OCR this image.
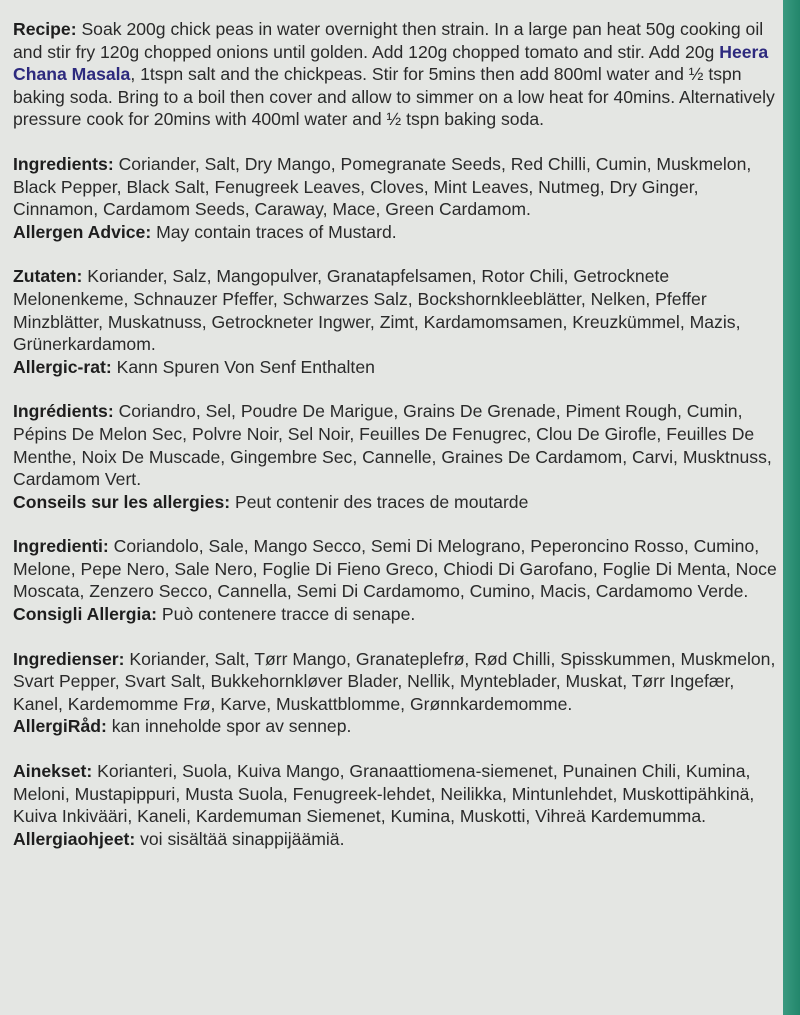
Recipe: Soak 200g chick peas in water overnight then strain. In a large pan heat 50g cooking oil and stir fry 120g chopped onions until golden. Add 120g chopped tomato and stir. Add 20g Heera Chana Masala, 1tspn salt and the chickpeas. Stir for 5mins then add 800ml water and ½ tspn baking soda. Bring to a boil then cover and allow to simmer on a low heat for 40mins. Alternatively pressure cook for 20mins with 400ml water and ½ tspn baking soda.

Ingredients: Coriander, Salt, Dry Mango, Pomegranate Seeds, Red Chilli, Cumin, Muskmelon, Black Pepper, Black Salt, Fenugreek Leaves, Cloves, Mint Leaves, Nutmeg, Dry Ginger, Cinnamon, Cardamom Seeds, Caraway, Mace, Green Cardamom.

Allergen Advice: May contain traces of Mustard.

Zutaten: Koriander, Salz, Mangopulver, Granatapfelsamen, Rotor Chili, Getrocknete Melonenkeme, Schnauzer Pfeffer, Schwarzes Salz, Bockshornkleeblätter, Nelken, Pfeffer Minzblätter, Muskatnuss, Getrockneter Ingwer, Zimt, Kardamomsamen, Kreuzkümmel, Mazis, Grünerkardamom.

Allergic-rat: Kann Spuren Von Senf Enthalten

Ingrédients: Coriandro, Sel, Poudre De Marigue, Grains De Grenade, Piment Rough, Cumin, Pépins De Melon Sec, Polvre Noir, Sel Noir, Feuilles De Fenugrec, Clou De Girofle, Feuilles De Menthe, Noix De Muscade, Gingembre Sec, Cannelle, Graines De Cardamom, Carvi, Musktnuss, Cardamom Vert.

Conseils sur les allergies: Peut contenir des traces de moutarde

Ingredienti: Coriandolo, Sale, Mango Secco, Semi Di Melograno, Peperoncino Rosso, Cumino, Melone, Pepe Nero, Sale Nero, Foglie Di Fieno Greco, Chiodi Di Garofano, Foglie Di Menta, Noce Moscata, Zenzero Secco, Cannella, Semi Di Cardamomo, Cumino, Macis, Cardamomo Verde.

Consigli Allergia: Può contenere tracce di senape.

Ingredienser: Koriander, Salt, Tørr Mango, Granateplefrø, Rød Chilli, Spisskummen, Muskmelon, Svart Pepper, Svart Salt, Bukkehornkløver Blader, Nellik, Mynteblader, Muskat, Tørr Ingefær, Kanel, Kardemomme Frø, Karve, Muskattblomme, Grønnkardemomme.

AllergiRåd: kan inneholde spor av sennep.

Ainekset: Korianteri, Suola, Kuiva Mango, Granaattiomena-siemenet, Punainen Chili, Kumina, Meloni, Mustapippuri, Musta Suola, Fenugreek-lehdet, Neilikka, Mintunlehdet, Muskottipähkinä, Kuiva Inkivääri, Kaneli, Kardemuman Siemenet, Kumina, Muskotti, Vihreä Kardemumma.

Allergiaohjeet: voi sisältää sinappijäämiä.
